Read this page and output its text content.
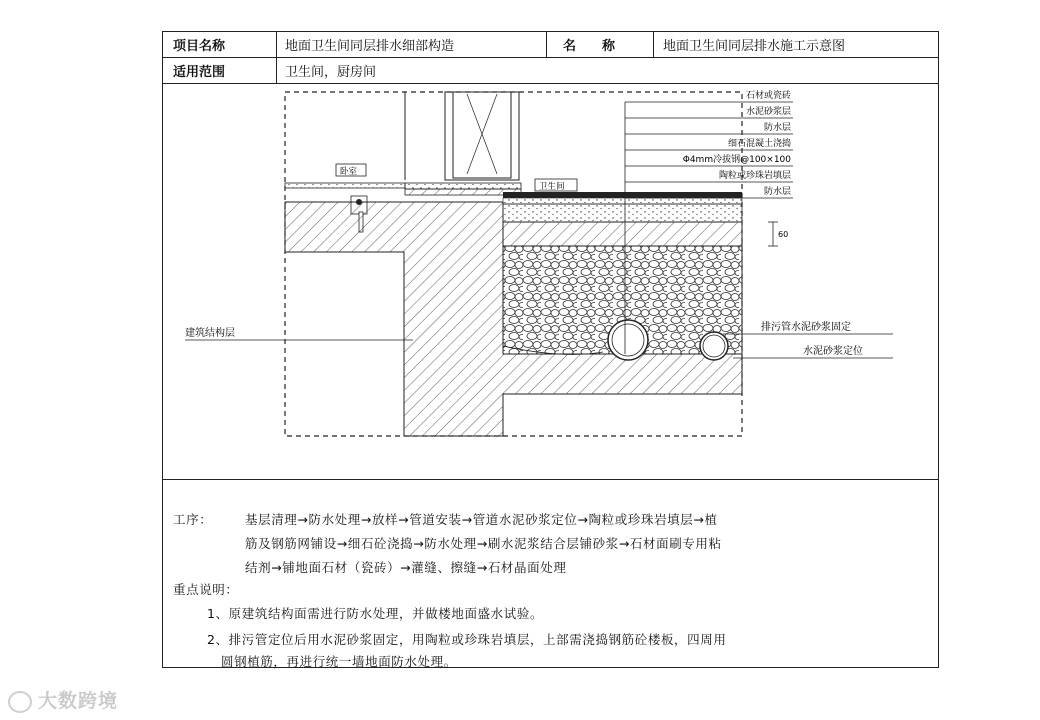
项目名称	地面卫生间同层排水细部构造	名　　称	地面卫生间同层排水施工示意图
适用范围	卫生间，厨房间
卧室
卫生间
石材或瓷砖
水泥砂浆层
防水层
细石混凝土浇捣
Φ4mm冷拔钢@100×100
陶粒或珍珠岩填层
防水层
60
建筑结构层
排污管水泥砂浆固定
水泥砂浆定位
工序：	基层清理→防水处理→放样→管道安装→管道水泥砂浆定位→陶粒或珍珠岩填层→植
筋及钢筋网铺设→细石砼浇捣→防水处理→刷水泥浆结合层铺砂浆→石材面刷专用粘
结剂→铺地面石材（瓷砖）→灌缝、擦缝→石材晶面处理
重点说明：
1、原建筑结构面需进行防水处理，并做楼地面盛水试验。
2、排污管定位后用水泥砂浆固定，用陶粒或珍珠岩填层，上部需浇捣钢筋砼楼板，四周用
圆钢植筋，再进行统一墙地面防水处理。
大数跨境
